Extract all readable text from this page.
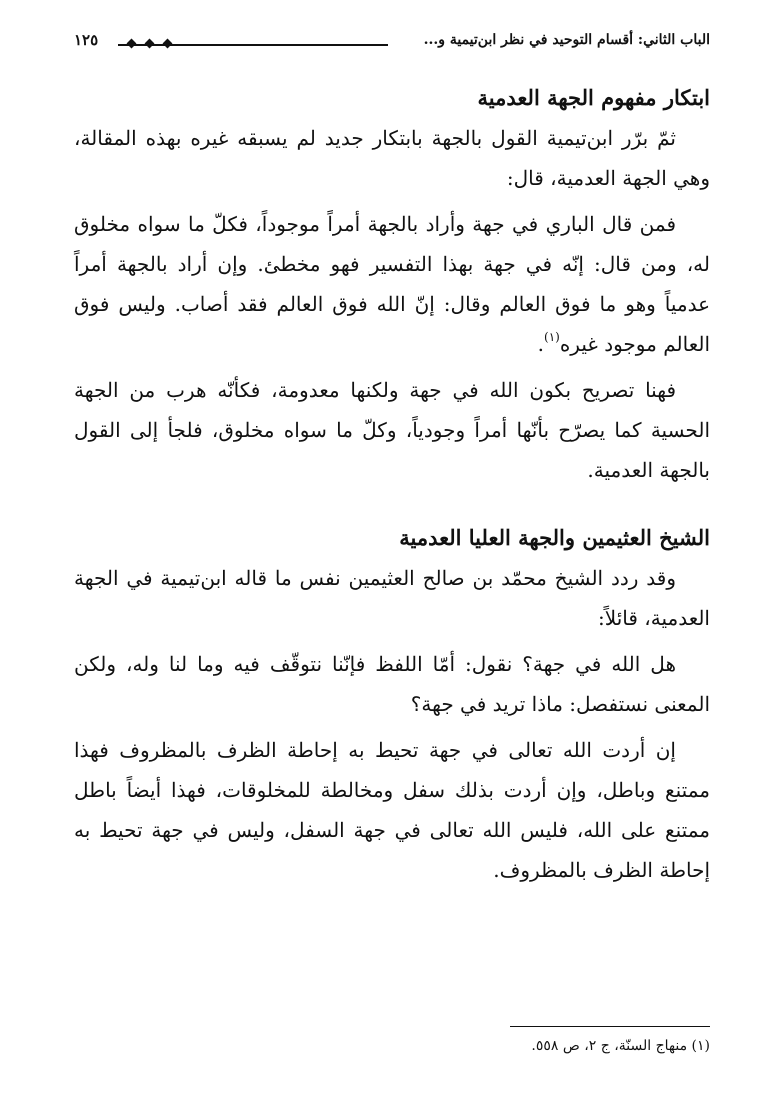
الباب الثاني: أقسام التوحيد في نظر ابن‌تيمية و...
١٢٥
ابتكار مفهوم الجهة العدمية

ثمّ برّر ابن‌تيمية القول بالجهة بابتكار جديد لم يسبقه غيره بهذه المقالة، وهي الجهة العدمية، قال:

فمن قال الباري في جهة وأراد بالجهة أمراً موجوداً، فكلّ ما سواه مخلوق له، ومن قال: إنّه في جهة بهذا التفسير فهو مخطئ. وإن أراد بالجهة أمراً عدمياً وهو ما فوق العالم وقال: إنّ الله فوق العالم فقد أصاب. وليس فوق العالم موجود غيره$^{(١)}$.

فهنا تصريح بكون الله في جهة ولكنها معدومة، فكأنّه هرب من الجهة الحسية كما يصرّح بأنّها أمراً وجودياً، وكلّ ما سواه مخلوق، فلجأ إلى القول بالجهة العدمية.

الشيخ العثيمين والجهة العليا العدمية

وقد ردد الشيخ محمّد بن صالح العثيمين نفس ما قاله ابن‌تيمية في الجهة العدمية، قائلاً:

هل الله في جهة؟ نقول: أمّا اللفظ فإنّنا نتوقّف فيه وما لنا وله، ولكن المعنى نستفصل: ماذا تريد في جهة؟

إن أردت الله تعالى في جهة تحيط به إحاطة الظرف بالمظروف فهذا ممتنع وباطل، وإن أردت بذلك سفل ومخالطة للمخلوقات، فهذا أيضاً باطل ممتنع على الله، فليس الله تعالى في جهة السفل، وليس في جهة تحيط به إحاطة الظرف بالمظروف.

(١) منهاج السنّة، ج ٢، ص ٥٥٨.
